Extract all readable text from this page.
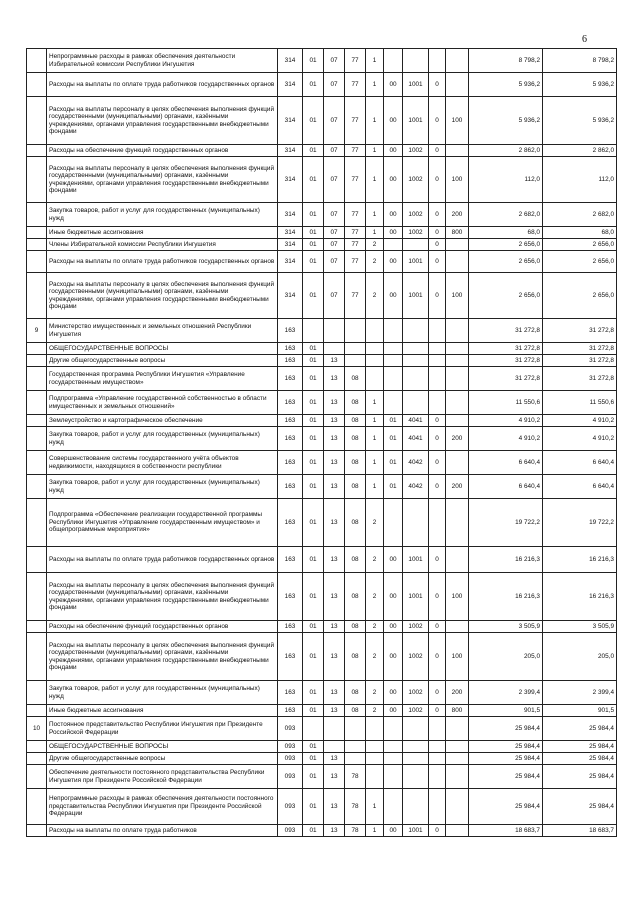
6
	Непрограммные расходы в рамках обеспечения деятельности Избирательной комиссии Республики Ингушетия	314	01	07	77	1					8 798,2	8 798,2
	Расходы на выплаты по оплате труда работников государственных органов	314	01	07	77	1	00	1001	0		5 936,2	5 936,2
	Расходы на выплаты персоналу в целях обеспечения выполнения функций государственными (муниципальными) органами, казёнными учреждениями, органами управления государственными внебюджетными фондами	314	01	07	77	1	00	1001	0	100	5 936,2	5 936,2
	Расходы на обеспечение функций государственных органов	314	01	07	77	1	00	1002	0		2 862,0	2 862,0
	Расходы на выплаты персоналу в целях обеспечения выполнения функций государственными (муниципальными) органами, казёнными учреждениями, органами управления государственными внебюджетными фондами	314	01	07	77	1	00	1002	0	100	112,0	112,0
	Закупка товаров, работ и услуг для государственных (муниципальных) нужд	314	01	07	77	1	00	1002	0	200	2 682,0	2 682,0
	Иные бюджетные ассигнования	314	01	07	77	1	00	1002	0	800	68,0	68,0
	Члены Избирательной комиссии Республики Ингушетия	314	01	07	77	2			0		2 656,0	2 656,0
	Расходы на выплаты по оплате труда работников государственных органов	314	01	07	77	2	00	1001	0		2 656,0	2 656,0
	Расходы на выплаты персоналу в целях обеспечения выполнения функций государственными (муниципальными) органами, казёнными учреждениями, органами управления государственными внебюджетными фондами	314	01	07	77	2	00	1001	0	100	2 656,0	2 656,0
9	Министерство имущественных и земельных отношений Республики Ингушетия	163									31 272,8	31 272,8
	ОБЩЕГОСУДАРСТВЕННЫЕ ВОПРОСЫ	163	01								31 272,8	31 272,8
	Другие общегосударственные вопросы	163	01	13							31 272,8	31 272,8
	Государственная программа Республики Ингушетия «Управление государственным имуществом»	163	01	13	08						31 272,8	31 272,8
	Подпрограмма «Управление государственной собственностью в области имущественных и земельных отношений»	163	01	13	08	1					11 550,6	11 550,6
	Землеустройство и картографическое обеспечение	163	01	13	08	1	01	4041	0		4 910,2	4 910,2
	Закупка товаров, работ и услуг для государственных (муниципальных) нужд	163	01	13	08	1	01	4041	0	200	4 910,2	4 910,2
	Совершенствование системы государственного учёта объектов недвижимости, находящихся в собственности республики	163	01	13	08	1	01	4042	0		6 640,4	6 640,4
	Закупка товаров, работ и услуг для государственных (муниципальных) нужд	163	01	13	08	1	01	4042	0	200	6 640,4	6 640,4
	Подпрограмма «Обеспечение реализации государственной программы Республики Ингушетия «Управление государственным имуществом» и общепрограммные мероприятия»	163	01	13	08	2					19 722,2	19 722,2
	Расходы на выплаты по оплате труда работников государственных органов	163	01	13	08	2	00	1001	0		16 216,3	16 216,3
	Расходы на выплаты персоналу в целях обеспечения выполнения функций государственными (муниципальными) органами, казёнными учреждениями, органами управления государственными внебюджетными фондами	163	01	13	08	2	00	1001	0	100	16 216,3	16 216,3
	Расходы на обеспечение функций государственных органов	163	01	13	08	2	00	1002	0		3 505,9	3 505,9
	Расходы на выплаты персоналу в целях обеспечения выполнения функций государственными (муниципальными) органами, казёнными учреждениями, органами управления государственными внебюджетными фондами	163	01	13	08	2	00	1002	0	100	205,0	205,0
	Закупка товаров, работ и услуг для государственных (муниципальных) нужд	163	01	13	08	2	00	1002	0	200	2 399,4	2 399,4
	Иные бюджетные ассигнования	163	01	13	08	2	00	1002	0	800	901,5	901,5
10	Постоянное представительство Республики Ингушетия при Президенте Российской Федерации	093									25 984,4	25 984,4
	ОБЩЕГОСУДАРСТВЕННЫЕ ВОПРОСЫ	093	01								25 984,4	25 984,4
	Другие общегосударственные вопросы	093	01	13							25 984,4	25 984,4
	Обеспечение деятельности постоянного представительства Республики Ингушетия при Президенте Российской Федерации	093	01	13	78						25 984,4	25 984,4
	Непрограммные расходы в рамках обеспечения деятельности постоянного представительства Республики Ингушетия при Президенте Российской Федерации	093	01	13	78	1					25 984,4	25 984,4
	Расходы на выплаты по оплате труда работников	093	01	13	78	1	00	1001	0		18 683,7	18 683,7
